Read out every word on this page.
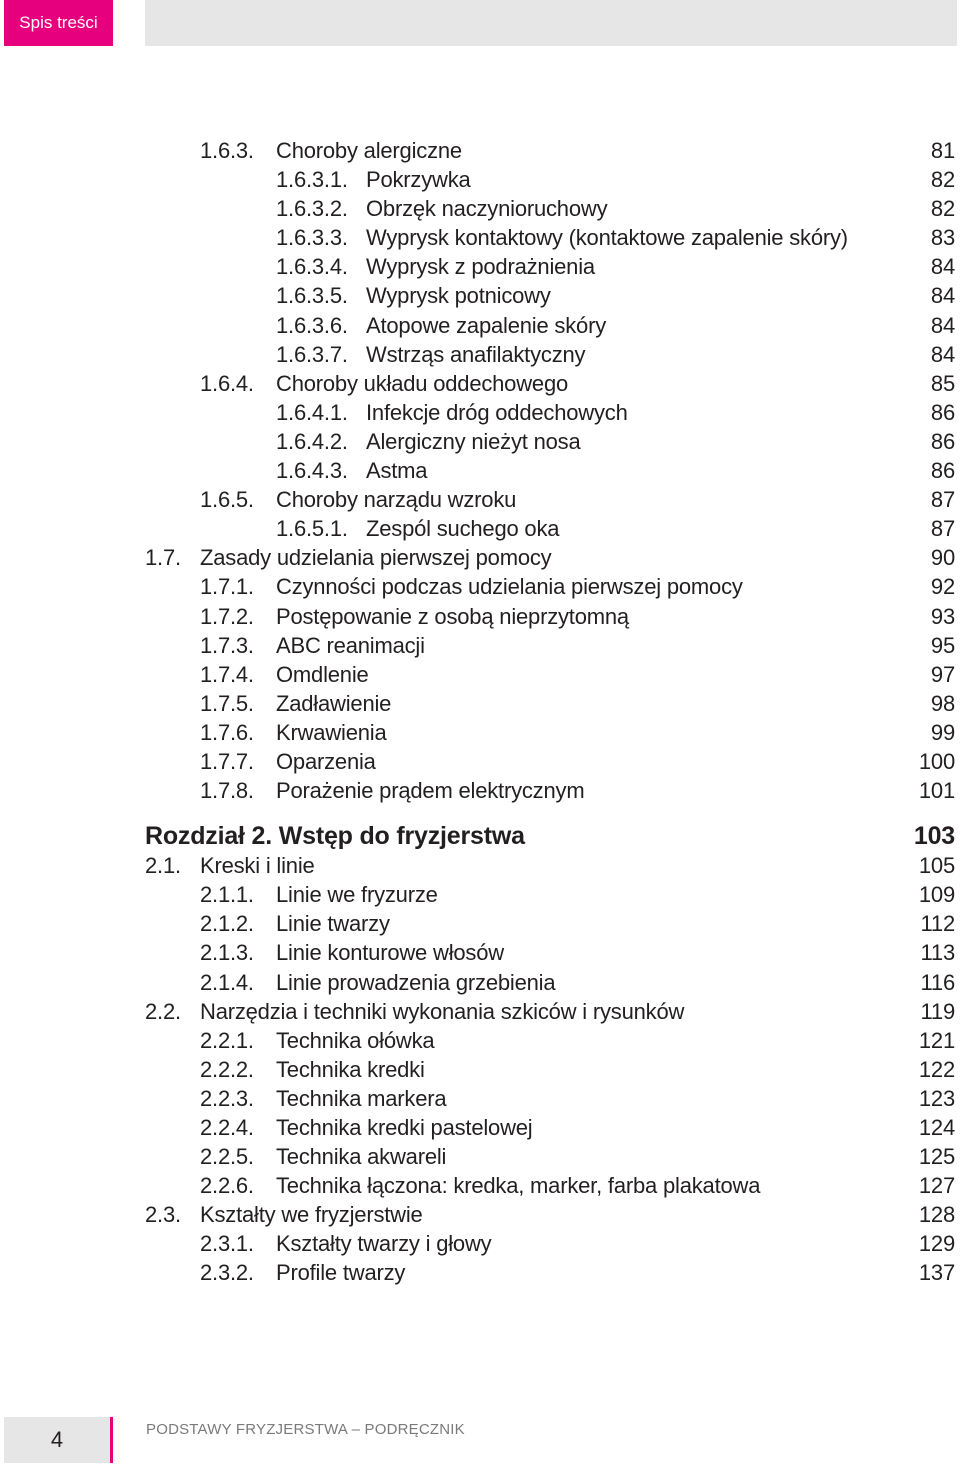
Spis treści
1.6.3. Choroby alergiczne	81
1.6.3.1. Pokrzywka	82
1.6.3.2. Obrzęk naczynioruchowy	82
1.6.3.3. Wyprysk kontaktowy (kontaktowe zapalenie skóry)	83
1.6.3.4. Wyprysk z podrażnienia	84
1.6.3.5. Wyprysk potnicowy	84
1.6.3.6. Atopowe zapalenie skóry	84
1.6.3.7. Wstrząs anafilaktyczny	84
1.6.4. Choroby układu oddechowego	85
1.6.4.1. Infekcje dróg oddechowych	86
1.6.4.2. Alergiczny nieżyt nosa	86
1.6.4.3. Astma	86
1.6.5. Choroby narządu wzroku	87
1.6.5.1. Zespól suchego oka	87
1.7. Zasady udzielania pierwszej pomocy	90
1.7.1. Czynności podczas udzielania pierwszej pomocy	92
1.7.2. Postępowanie z osobą nieprzytomną	93
1.7.3. ABC reanimacji	95
1.7.4. Omdlenie	97
1.7.5. Zadławienie	98
1.7.6. Krwawienia	99
1.7.7. Oparzenia	100
1.7.8. Porażenie prądem elektrycznym	101
Rozdział 2. Wstęp do fryzjerstwa	103
2.1. Kreski i linie	105
2.1.1. Linie we fryzurze	109
2.1.2. Linie twarzy	112
2.1.3. Linie konturowe włosów	113
2.1.4. Linie prowadzenia grzebienia	116
2.2. Narzędzia i techniki wykonania szkiców i rysunków	119
2.2.1. Technika ołówka	121
2.2.2. Technika kredki	122
2.2.3. Technika markera	123
2.2.4. Technika kredki pastelowej	124
2.2.5. Technika akwareli	125
2.2.6. Technika łączona: kredka, marker, farba plakatowa	127
2.3. Kształty we fryzjerstwie	128
2.3.1. Kształty twarzy i głowy	129
2.3.2. Profile twarzy	137
4	PODSTAWY FRYZJERSTWA – PODRĘCZNIK
